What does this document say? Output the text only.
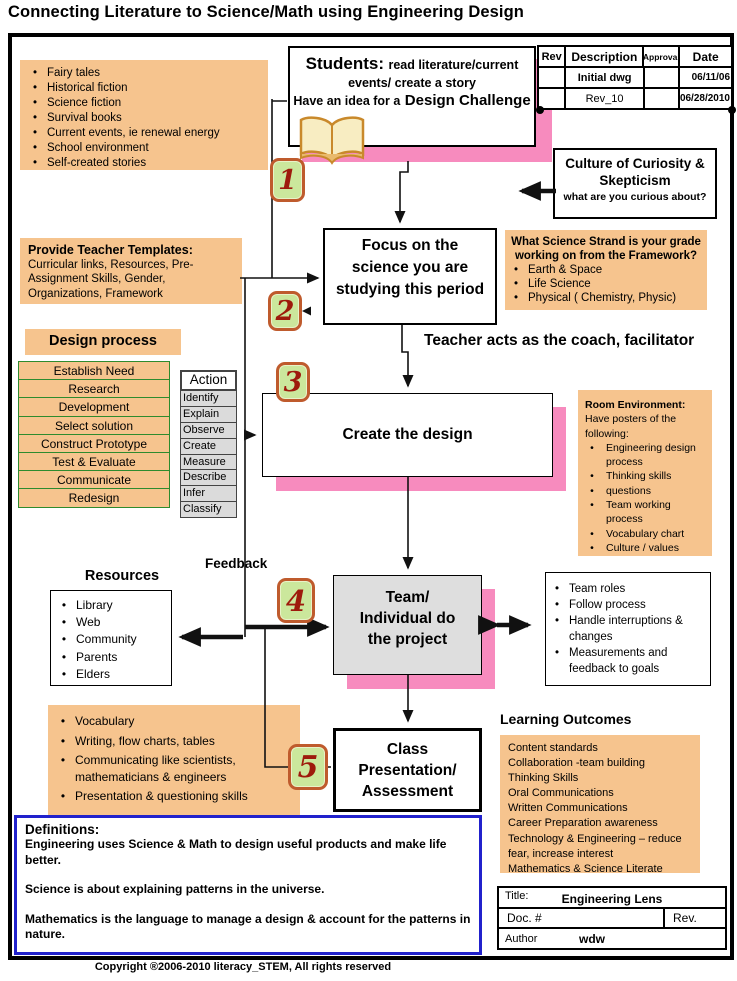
Connecting Literature to Science/Math using Engineering Design
• Fairy tales
• Historical fiction
• Science fiction
• Survival books
• Current events, ie renewal energy
• School environment
• Self-created stories
Students: read literature/current events/ create a story
Have an idea for a Design Challenge
Rev Description Approval	Date
Initial dwg	06/11/06
Rev_10	06/28/2010
Culture of Curiosity & Skepticism
what are you curious about?
Provide Teacher Templates:
Curricular links, Resources, Pre-Assignment Skills, Gender, Organizations, Framework
Focus on the science you are studying this period
What Science Strand is your grade working on from the Framework?
• Earth & Space
• Life Science
• Physical ( Chemistry, Physic)
Teacher acts as the coach, facilitator
Design process
Establish Need
Research
Development
Select solution
Construct Prototype
Test & Evaluate
Communicate
Redesign
Action
Identify
Explain
Observe
Create
Measure
Describe
Infer
Classify
Create the design
Room Environment:
Have posters of the following:
•	Engineering design process
•	Thinking skills
•	questions
•	Team working process
•	Vocabulary chart
•	Culture / values
Resources
• Library
• Web
• Community
• Parents
• Elders
Feedback
Team/
Individual do
the project
• Team roles
• Follow process
• Handle interruptions & changes
• Measurements and feedback to goals
• Vocabulary
• Writing, flow charts, tables
• Communicating like scientists, mathematicians & engineers
• Presentation & questioning skills
Class
Presentation/
Assessment
Learning Outcomes
Content standards
Collaboration -team building
Thinking Skills
Oral Communications
Written Communications
Career Preparation awareness
Technology & Engineering – reduce fear, increase interest
Mathematics & Science Literate
Definitions:

Engineering uses Science & Math to design useful products and make life better.

Science is about explaining patterns in the universe.

Mathematics is the language to manage a design & account for the patterns in nature.

Title:	Engineering Lens
Doc. #	Rev.
Author	wdw
1
2
3
4
5
Copyright ®2006-2010 literacy_STEM, All rights reserved
